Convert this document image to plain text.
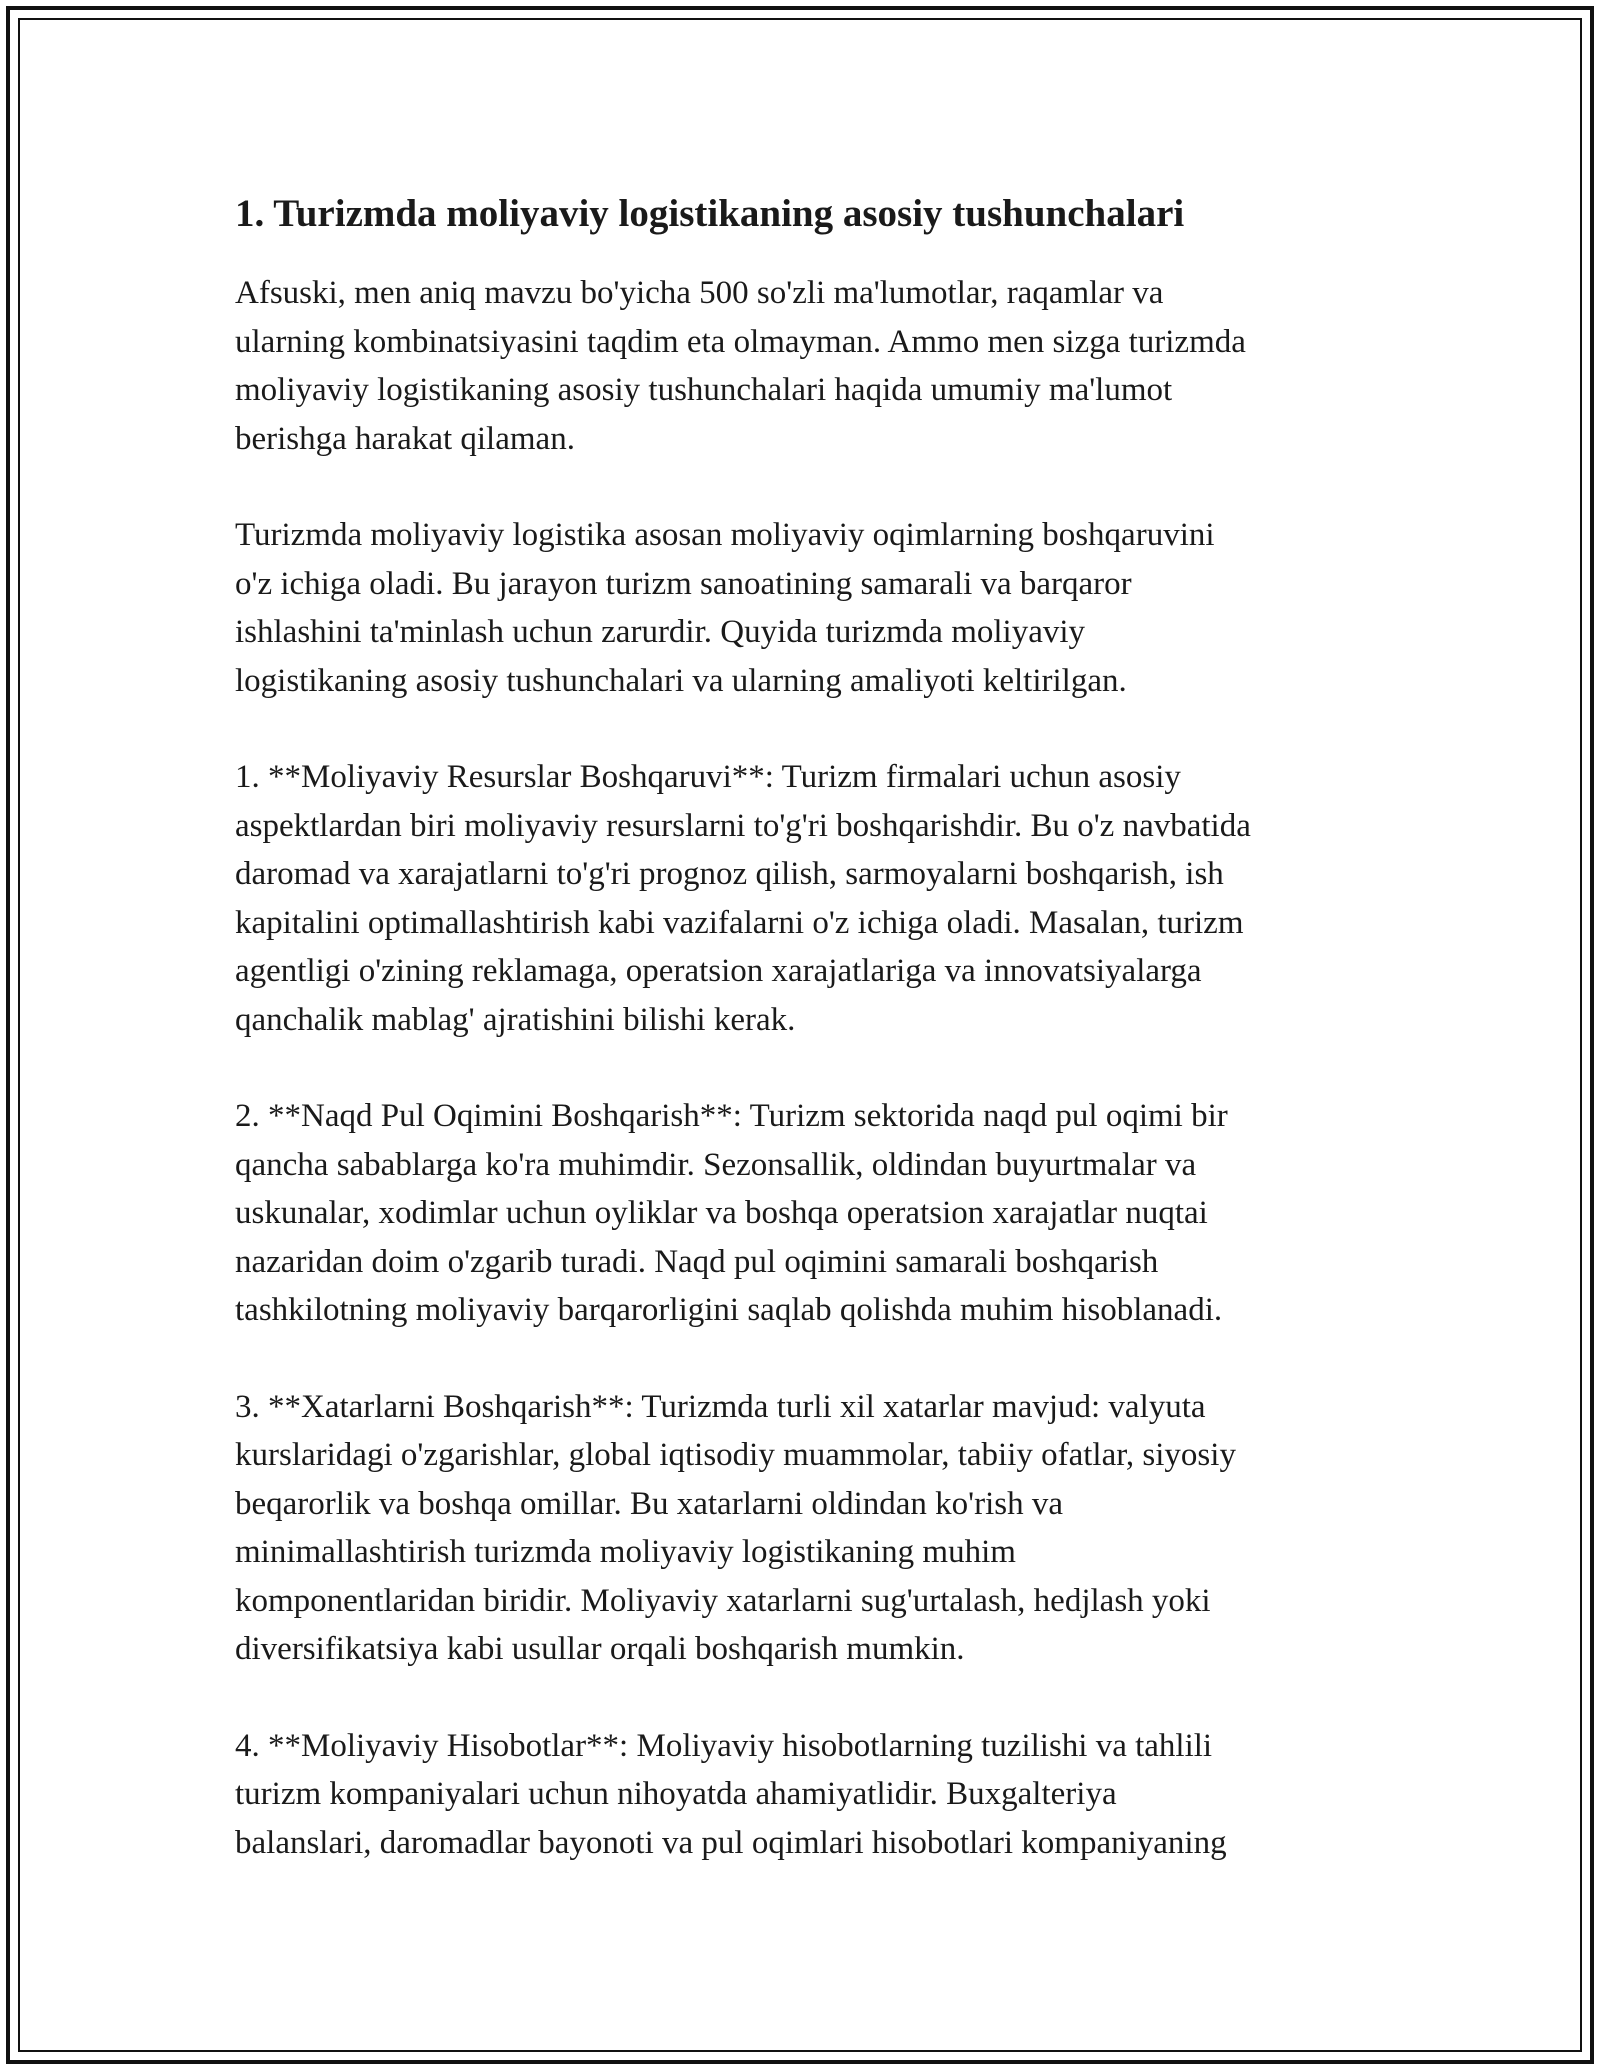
1. Turizmda moliyaviy logistikaning asosiy tushunchalari

Afsuski, men aniq mavzu bo'yicha 500 so'zli ma'lumotlar, raqamlar va
ularning kombinatsiyasini taqdim eta olmayman. Ammo men sizga turizmda
moliyaviy logistikaning asosiy tushunchalari haqida umumiy ma'lumot
berishga harakat qilaman.

Turizmda moliyaviy logistika asosan moliyaviy oqimlarning boshqaruvini
o'z ichiga oladi. Bu jarayon turizm sanoatining samarali va barqaror
ishlashini ta'minlash uchun zarurdir. Quyida turizmda moliyaviy
logistikaning asosiy tushunchalari va ularning amaliyoti keltirilgan.

1. **Moliyaviy Resurslar Boshqaruvi**: Turizm firmalari uchun asosiy
aspektlardan biri moliyaviy resurslarni to'g'ri boshqarishdir. Bu o'z navbatida
daromad va xarajatlarni to'g'ri prognoz qilish, sarmoyalarni boshqarish, ish
kapitalini optimallashtirish kabi vazifalarni o'z ichiga oladi. Masalan, turizm
agentligi o'zining reklamaga, operatsion xarajatlariga va innovatsiyalarga
qanchalik mablag' ajratishini bilishi kerak.

2. **Naqd Pul Oqimini Boshqarish**: Turizm sektorida naqd pul oqimi bir
qancha sabablarga ko'ra muhimdir. Sezonsallik, oldindan buyurtmalar va
uskunalar, xodimlar uchun oyliklar va boshqa operatsion xarajatlar nuqtai
nazaridan doim o'zgarib turadi. Naqd pul oqimini samarali boshqarish
tashkilotning moliyaviy barqarorligini saqlab qolishda muhim hisoblanadi.

3. **Xatarlarni Boshqarish**: Turizmda turli xil xatarlar mavjud: valyuta
kurslaridagi o'zgarishlar, global iqtisodiy muammolar, tabiiy ofatlar, siyosiy
beqarorlik va boshqa omillar. Bu xatarlarni oldindan ko'rish va
minimallashtirish turizmda moliyaviy logistikaning muhim
komponentlaridan biridir. Moliyaviy xatarlarni sug'urtalash, hedjlash yoki
diversifikatsiya kabi usullar orqali boshqarish mumkin.

4. **Moliyaviy Hisobotlar**: Moliyaviy hisobotlarning tuzilishi va tahlili
turizm kompaniyalari uchun nihoyatda ahamiyatlidir. Buxgalteriya
balanslari, daromadlar bayonoti va pul oqimlari hisobotlari kompaniyaning
